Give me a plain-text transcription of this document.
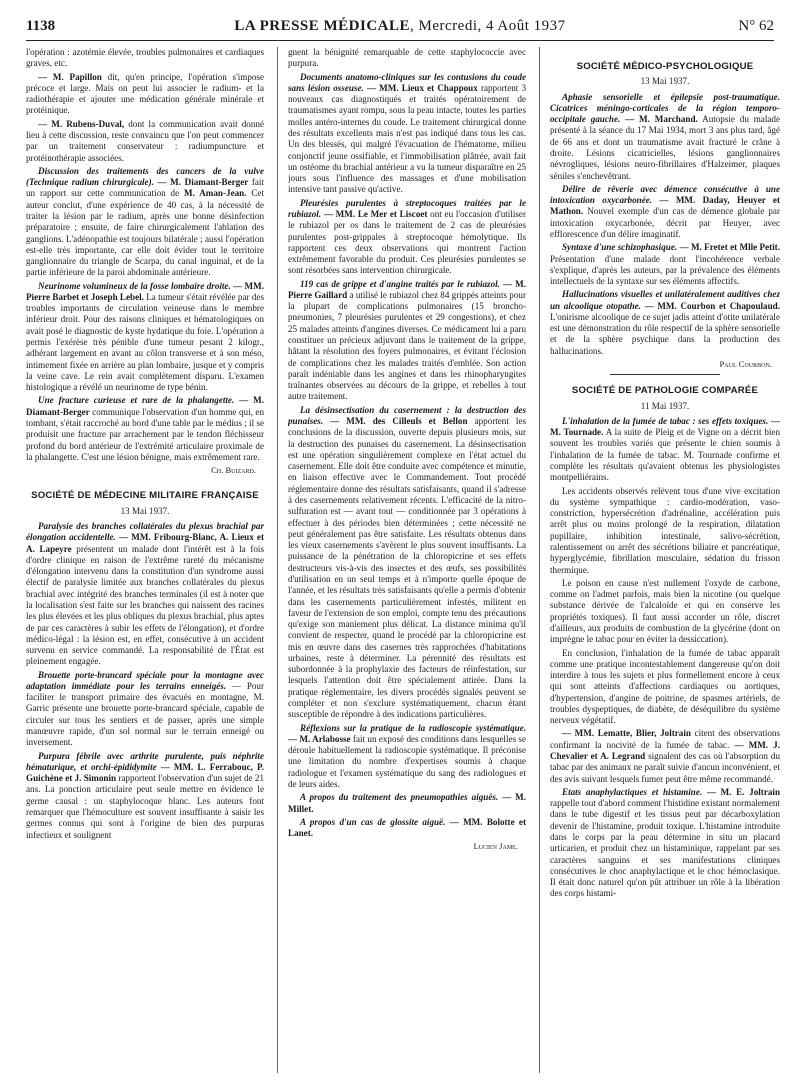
1138	LA PRESSE MÉDICALE, Mercredi, 4 Août 1937	N° 62

l'opération : azotémie élevée, troubles pulmonaires et cardiaques graves, etc.

— M. Papillon dit, qu'en principe, l'opération s'impose précoce et large. Mais on peut lui associer le radium- et la radiothérapie et ajouter une médication générale minérale et protéinique.

— M. Rubens-Duval, dont la communication avait donné lieu à cette discussion, reste convaincu que l'on peut commencer par un traitement conservateur : radiumpuncture et protéinothérapie associées.

Discussion des traitements des cancers de la vulve (Technique radium chirurgicale). — M. Diamant-Berger fait un rapport sur cette communication de M. Aman-Jean. Cet auteur conclut, d'une expérience de 40 cas, à la nécessité de traiter la lésion par le radium, après une bonne désinfection préparatoire ; ensuite, de faire chirurgicalement l'ablation des ganglions. L'adénopathie est toujours bilatérale ; aussi l'opération est-elle très importante, car elle doit évider tout le territoire ganglionnaire du triangle de Scarpa, du canal inguinal, et de la partie inférieure de la paroi abdominale antérieure.

Neurinome volumineux de la fosse lombaire droite. — MM. Pierre Barbet et Joseph Lebel. La tumeur s'était révélée par des troubles importants de circulation veineuse dans le membre inférieur droit. Pour des raisons cliniques et hématologiques on avait posé le diagnostic de kyste hydatique du foie. L'opération a permis l'exérèse très pénible d'une tumeur pesant 2 kilogr., adhérant largement en avant au côlon transverse et à son méso, intimement fixée en arrière au plan lombaire, jusque et y compris la veine cave. Le rein avait complètement disparu. L'examen histologique a révélé un neurinome de type bénin.

Une fracture curieuse et rare de la phalangette. — M. Diamant-Berger communique l'observation d'un homme qui, en tombant, s'était raccroché au bord d'une table par le médius ; il se produisit une fracture par arrachement par le tendon fléchisseur profond du bord antérieur de l'extrémité articulaire proximale de la phalangette. C'est une lésion bénigne, mais extrêmement rare.

Ch. Buizard.

SOCIÉTÉ DE MÉDECINE MILITAIRE FRANÇAISE

13 Mai 1937.

Paralysie des branches collatérales du plexus brachial par élongation accidentelle. — MM. Fribourg-Blanc, A. Lieux et A. Lapeyre présentent un malade dont l'intérêt est à la fois d'ordre clinique en raison de l'extrême rareté du mécanisme d'élongation intervenu dans la constitution d'un syndrome aussi électif de paralysie limitée aux branches collatérales du plexus brachial avec intégrité des branches terminales (il est à noter que la localisation s'est faite sur les branches qui naissent des racines les plus élevées et les plus obliques du plexus brachial, plus aptes de par ces caractères à subir les effets de l'élongation), et d'ordre médico-légal : la lésion est, en effet, consécutive à un accident survenu en service commandé. La responsabilité de l'État est pleinement engagée.

Brouette porte-brancard spéciale pour la montagne avec adaptation immédiate pour les terrains enneigés. — Pour faciliter le transport primaire des évacués en montagne, M. Garric présente une brouette porte-brancard spéciale, capable de circuler sur tous les sentiers et de passer, après une simple manœuvre rapide, d'un sol normal sur le terrain enneigé ou inversement.

Purpura fébrile avec arthrite purulente, puis néphrite hématurique, et orchi-épididymite — MM. L. Ferrabouc, P. Guichène et J. Simonin rapportent l'observation d'un sujet de 21 ans. La ponction articulaire peut seule mettre en évidence le germe causal : un staphylocoque blanc. Les auteurs font remarquer que l'hémoculture est souvent insuffisante à saisir les germes connus qui sont à l'origine de bien des purpuras infectieux et soulignent

gnent la bénignité remarquable de cette staphylococcie avec purpura.

Documents anatomo-cliniques sur les contusions du coude sans lésion osseuse. — MM. Lieux et Chappoux rapportent 3 nouveaux cas diagnostiqués et traités opératoirement de traumatismes ayant rompu, sous la peau intacte, toutes les parties molles antéro-internes du coude. Le traitement chirurgical donne des résultats excellents mais n'est pas indiqué dans tous les cas. Un des blessés, qui malgré l'évacuation de l'hématome, milieu conjonctif jeune ossifiable, et l'immobilisation plâtrée, avait fait un ostéome du brachial antérieur a vu la tumeur disparaître en 25 jours sous l'influence des massages et d'une mobilisation intensive tant passive qu'active.

Pleurésies purulentes à streptocoques traitées par le rubiazol. — MM. Le Mer et Liscoet ont eu l'occasion d'utiliser le rubiazol per os dans le traitement de 2 cas de pleurésies purulentes post-grippales à streptocoque hémolytique. Ils rapportent ces deux observations qui montrent l'action extrêmement favorable du produit. Ces pleurésies purulentes se sont résorbées sans intervention chirurgicale.

119 cas de grippe et d'angine traités par le rubiazol. — M. Pierre Gaillard a utilisé le rubiazol chez 84 grippés atteints pour la plupart de complications pulmonaires (15 broncho-pneumonies, 7 pleurésies purulentes et 29 congestions), et chez 25 malades atteints d'angines diverses. Ce médicament lui a paru constituer un précieux adjuvant dans le traitement de la grippe, hâtant la résolution des foyers pulmonaires, et évitant l'éclosion de complications chez les malades traités d'emblée. Son action paraît indéniable dans les angines et dans les rhinopharyngites traînantes observées au décours de la grippe, et rebelles à tout autre traitement.

La désinsectisation du casernement : la destruction des punaises. — MM. des Cilleuls et Bellon apportent les conclusions de la discussion, ouverte depuis plusieurs mois, sur la destruction des punaises du casernement. La désinsectisation est une opération singulièrement complexe en l'état actuel du casernement. Elle doit être conduite avec compétence et minutie, en liaison effective avec le Commandement. Tout procédé réglementaire donne des résultats satisfaisants, quand il s'adresse à des casernements relativement récents. L'efficacité de la nitro-sulfuration est — avant tout — conditionnée par 3 opérations à effectuer à des périodes bien déterminées ; cette nécessité ne peut généralement pas être satisfaite. Les résultats obtenus dans les vieux casernements s'avèrent le plus souvent insuffisants. La puissance de la pénétration de la chloropicrine et ses effets destructeurs vis-à-vis des insectes et des œufs, ses possibilités d'utilisation en un seul temps et à n'importe quelle époque de l'année, et les résultats très satisfaisants qu'elle a permis d'obtenir dans les casernements particulièrement infestés, militent en faveur de l'extension de son emploi, compte tenu des précautions qu'exige son maniement plus délicat. La distance minima qu'il convient de respecter, quand le procédé par la chloropicrine est mis en œuvre dans des casernes très rapprochées d'habitations urbaines, reste à déterminer. La pérennité des résultats est subordonnée à la prophylaxie des facteurs de réinfestation, sur lesquels l'attention doit être spécialement attirée. Dans la pratique réglementaire, les divers procédés signalés peuvent se compléter et non s'exclure systématiquement, chacun étant susceptible de répondre à des indications particulières.

Réflexions sur la pratique de la radioscopie systématique. — M. Arlabosse fait un exposé des conditions dans lesquelles se déroule habituellement la radioscopie systématique. Il préconise une limitation du nombre d'expertises soumis à chaque radiologue et l'examen systématique du sang des radiologues et de leurs aides.

A propos du traitement des pneumopathies aiguës. — M. Millet.

A propos d'un cas de glossite aiguë. — MM. Bolotte et Lanet.

Lucien Jame.

SOCIÉTÉ MÉDICO-PSYCHOLOGIQUE

13 Mai 1937.

Aphasie sensorielle et épilepsie post-traumatique. Cicatrices méningo-corticales de la région temporo-occipitale gauche. — M. Marchand. Autopsie du malade présenté à la séance du 17 Mai 1934, mort 3 ans plus tard, âgé de 66 ans et dont un traumatisme avait fracturé le crâne à droite. Lésions cicatricielles, lésions ganglionnaires névrogliques, lésions neuro-fibrillaires d'Halzeimer, plaques séniles s'enchevêtrant.

Délire de rêverie avec démence consécutive à une intoxication oxycarbonée. — MM. Daday, Heuyer et Mathon. Nouvel exemple d'un cas de démence globale par intoxication oxycarbonée, décrit par Heuyer, avec efflorescence d'un délire imaginatif.

Syntaxe d'une schizophasique. — M. Fretet et Mlle Petit. Présentation d'une malade dont l'incohérence verbale s'explique, d'après les auteurs, par la prévalence des éléments intellectuels de la syntaxe sur ses éléments affectifs.

Hallucinations visuelles et unilatéralement auditives chez un alcoolique otopathe. — MM. Courbon et Chapoulaud. L'onirisme alcoolique de ce sujet jadis atteint d'otite unilatérale est une démonstration du rôle respectif de la sphère sensorielle et de la sphère psychique dans la production des hallucinations.

Paul Courbon.

SOCIÉTÉ DE PATHOLOGIE COMPARÉE

11 Mai 1937.

L'inhalation de la fumée de tabac : ses effets toxiques. — M. Tournade. A la suite de Pleig et de Vigne on a décrit bien souvent les troubles variés que présente le chien soumis à l'inhalation de la fumée de tabac. M. Tournade confirme et complète les résultats qu'avaient obtenus les physiologistes montpelliérains.

Les accidents observés relèvent tous d'une vive excitation du système sympathique : cardio-modération, vaso-constriction, hypersécrétion d'adrénaline, accélération puis arrêt plus ou moins prolongé de la respiration, dilatation pupillaire, inhibition intestinale, salivo-sécrétion, ralentissement ou arrêt des sécrétions biliaire et pancréatique, hyperglycémie, fibrillation musculaire, sédation du frisson thermique.

Le poison en cause n'est nullement l'oxyde de carbone, comme on l'admet parfois, mais bien la nicotine (ou quelque substance dérivée de l'alcaloïde et qui en conserve les propriétés toxiques). Il faut aussi accorder un rôle, discret d'ailleurs, aux produits de combustion de la glycérine (dont on imprègne le tabac pour en éviter la dessiccation).

En conclusion, l'inhalation de la fumée de tabac apparaît comme une pratique incontestablement dangereuse qu'on doit interdire à tous les sujets et plus formellement encore à ceux qui sont atteints d'affections cardiaques ou aortiques, d'hypertension, d'angine de poitrine, de spasmes artériels, de troubles dyspeptiques, de diabète, de déséquilibre du système nerveux végétatif.

— MM. Lematte, Blier, Joltrain citent des observations confirmant la nocivité de la fumée de tabac. — MM. J. Chevalier et A. Legrand signalent des cas où l'absorption du tabac par des animaux ne paraît suivie d'aucun inconvénient, et des avis suivant lesquels fumer peut être même recommandé.

Etats anaphylactiques et histamine. — M. E. Joltrain rappelle tout d'abord comment l'histidine existant normalement dans le tube digestif et les tissus peut par décarboxylation devenir de l'histamine, produit toxique. L'histamine introduite dans le corps par la peau détermine in situ un placard urticarien, et produit chez un histaminique, rappelant par ses caractères sanguins et ses manifestations cliniques consécutives le choc anaphylactique et le choc hémoclasique. Il était donc naturel qu'on pût attribuer un rôle à la libération des corps histami-
